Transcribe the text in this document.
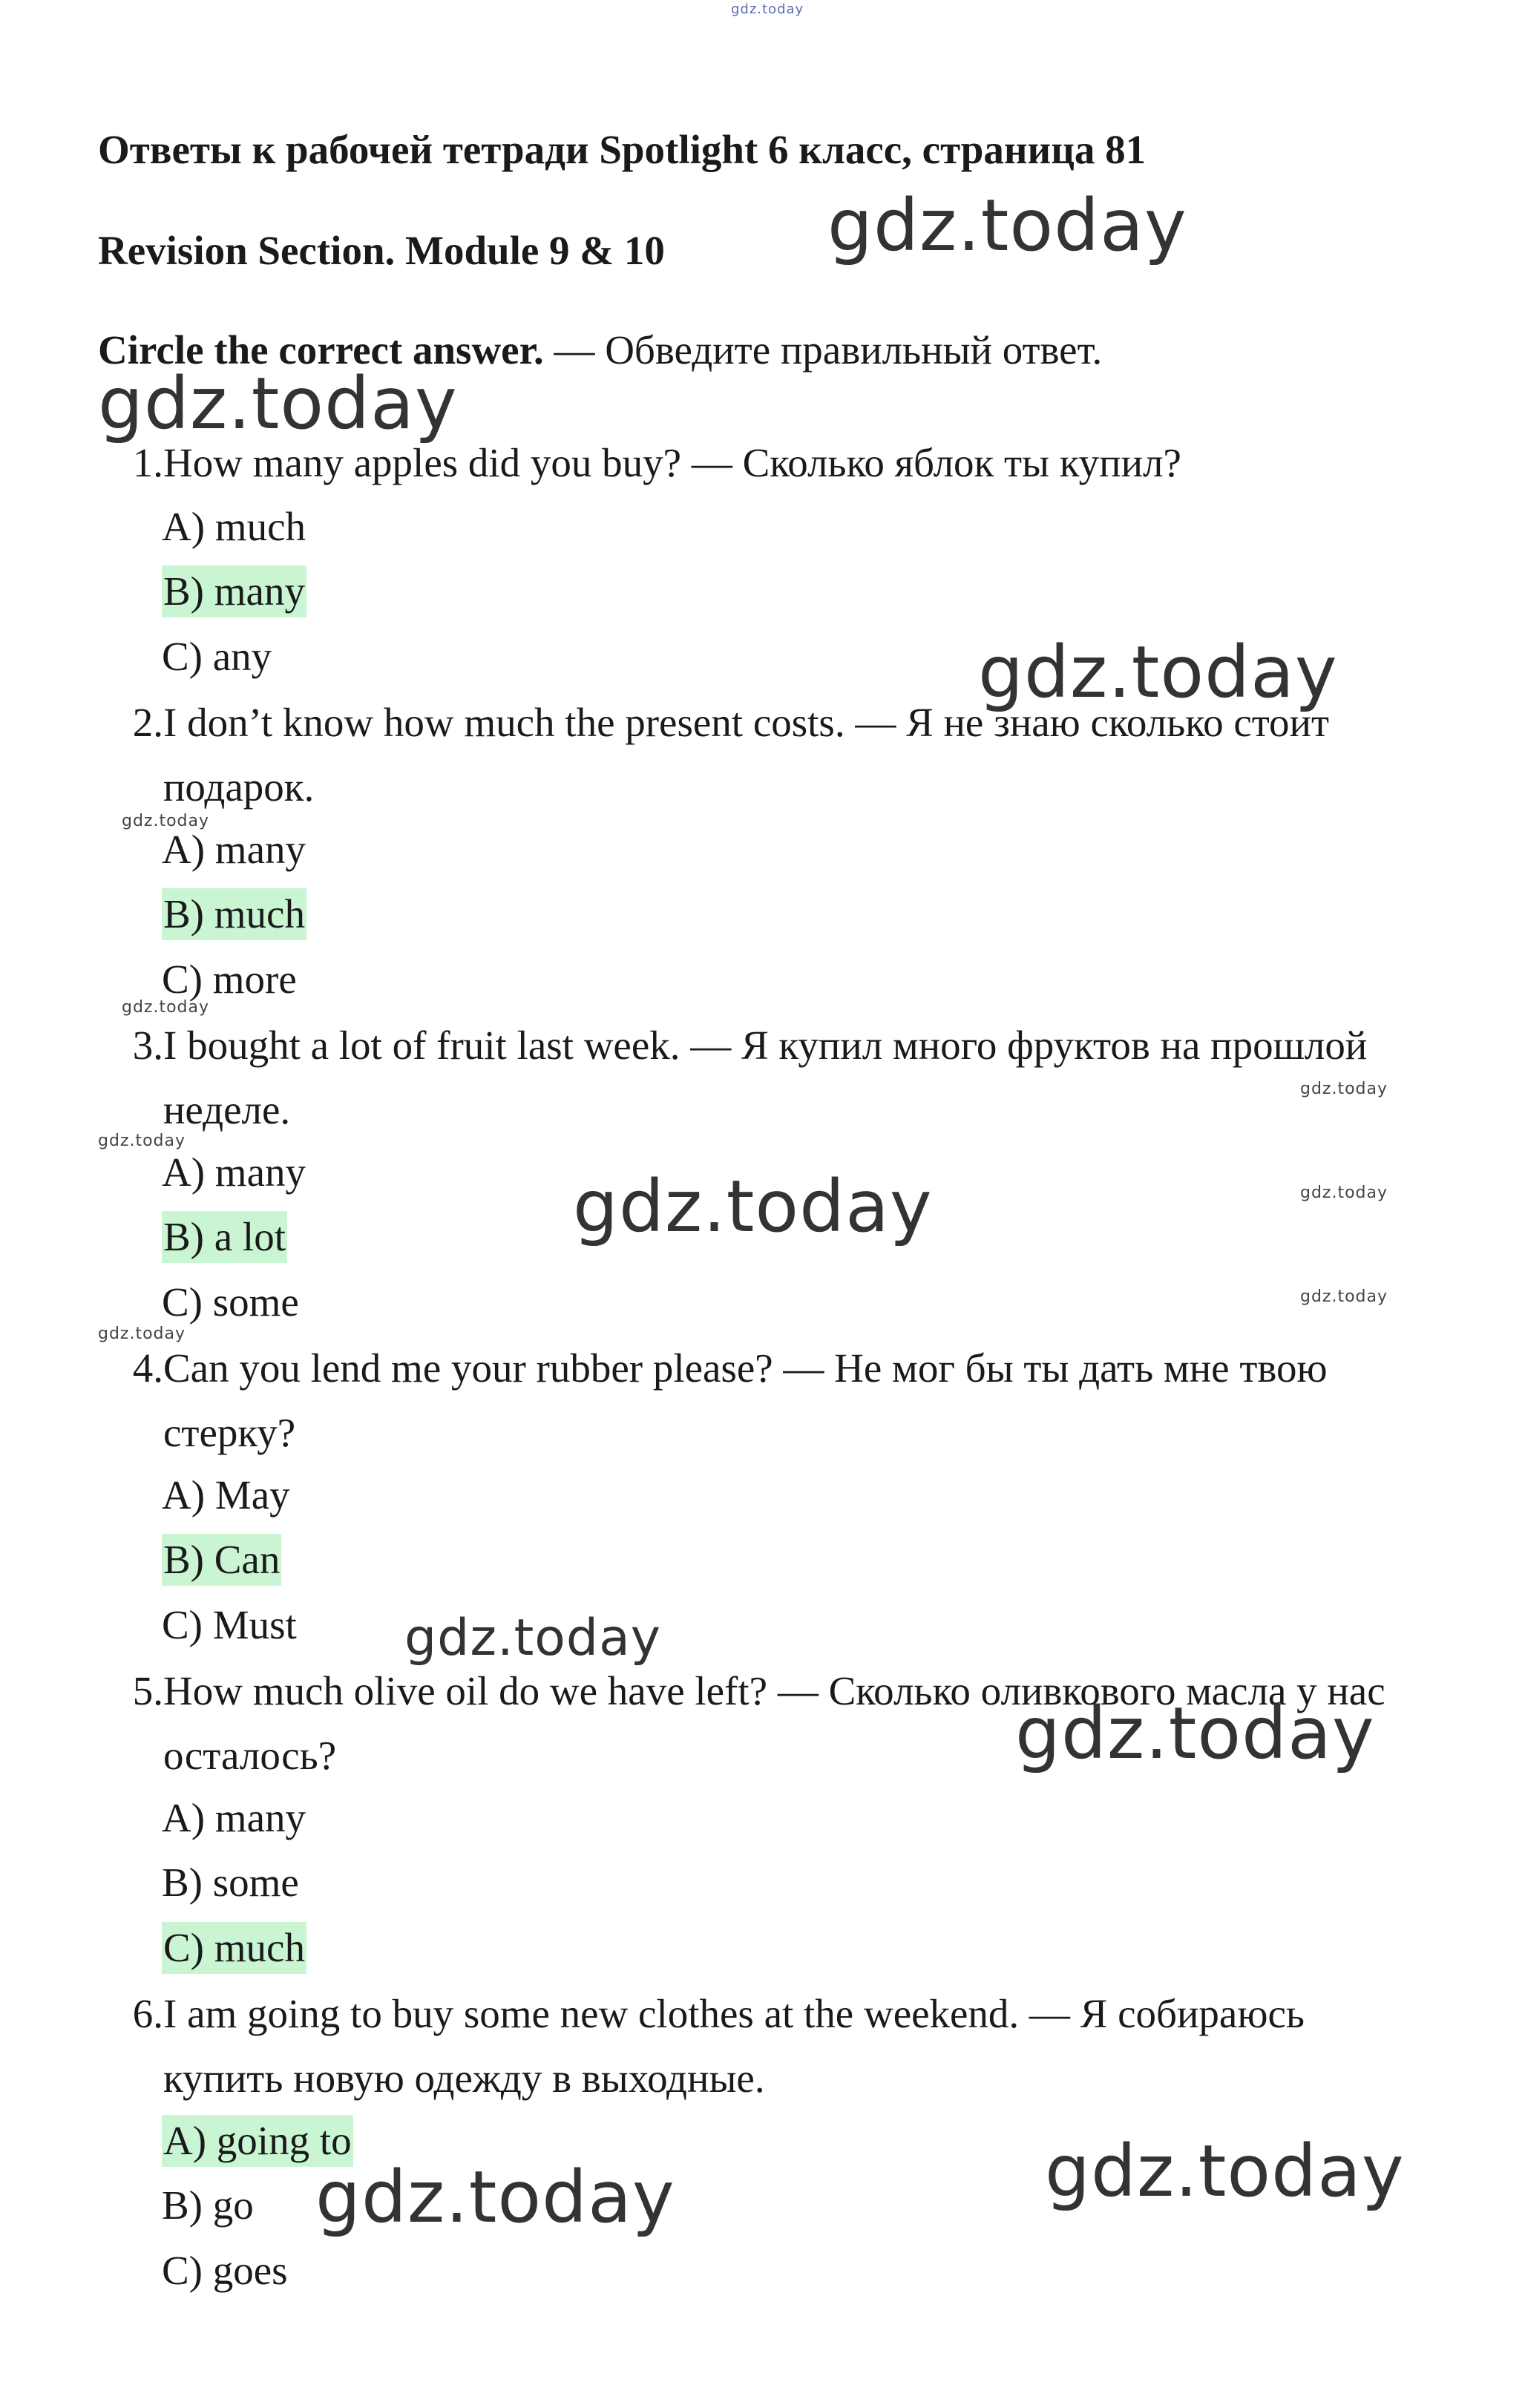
gdz.today
Ответы к рабочей тетради Spotlight 6 класс, страница 81
Revision Section. Module 9 & 10
Circle the correct answer. — Обведите правильный ответ.
1.How many apples did you buy? — Сколько яблок ты купил?
A) much
B) many
C) any
2.I don’t know how much the present costs. — Я не знаю сколько стоит подарок.
A) many
B) much
C) more
3.I bought a lot of fruit last week. — Я купил много фруктов на прошлой неделе.
A) many
B) a lot
C) some
4.Can you lend me your rubber please? — Не мог бы ты дать мне твою стерку?
A) May
B) Can
C) Must
5.How much olive oil do we have left? — Сколько оливкового масла у нас осталось?
A) many
B) some
C) much
6.I am going to buy some new clothes at the weekend. — Я собираюсь купить новую одежду в выходные.
A) going to
B) go
C) goes
gdz.today
gdz.today
gdz.today
gdz.today
gdz.today
gdz.today
gdz.today
gdz.today	gdz.today
gdz.today
gdz.today
gdz.today
gdz.today
gdz.today
gdz.today
